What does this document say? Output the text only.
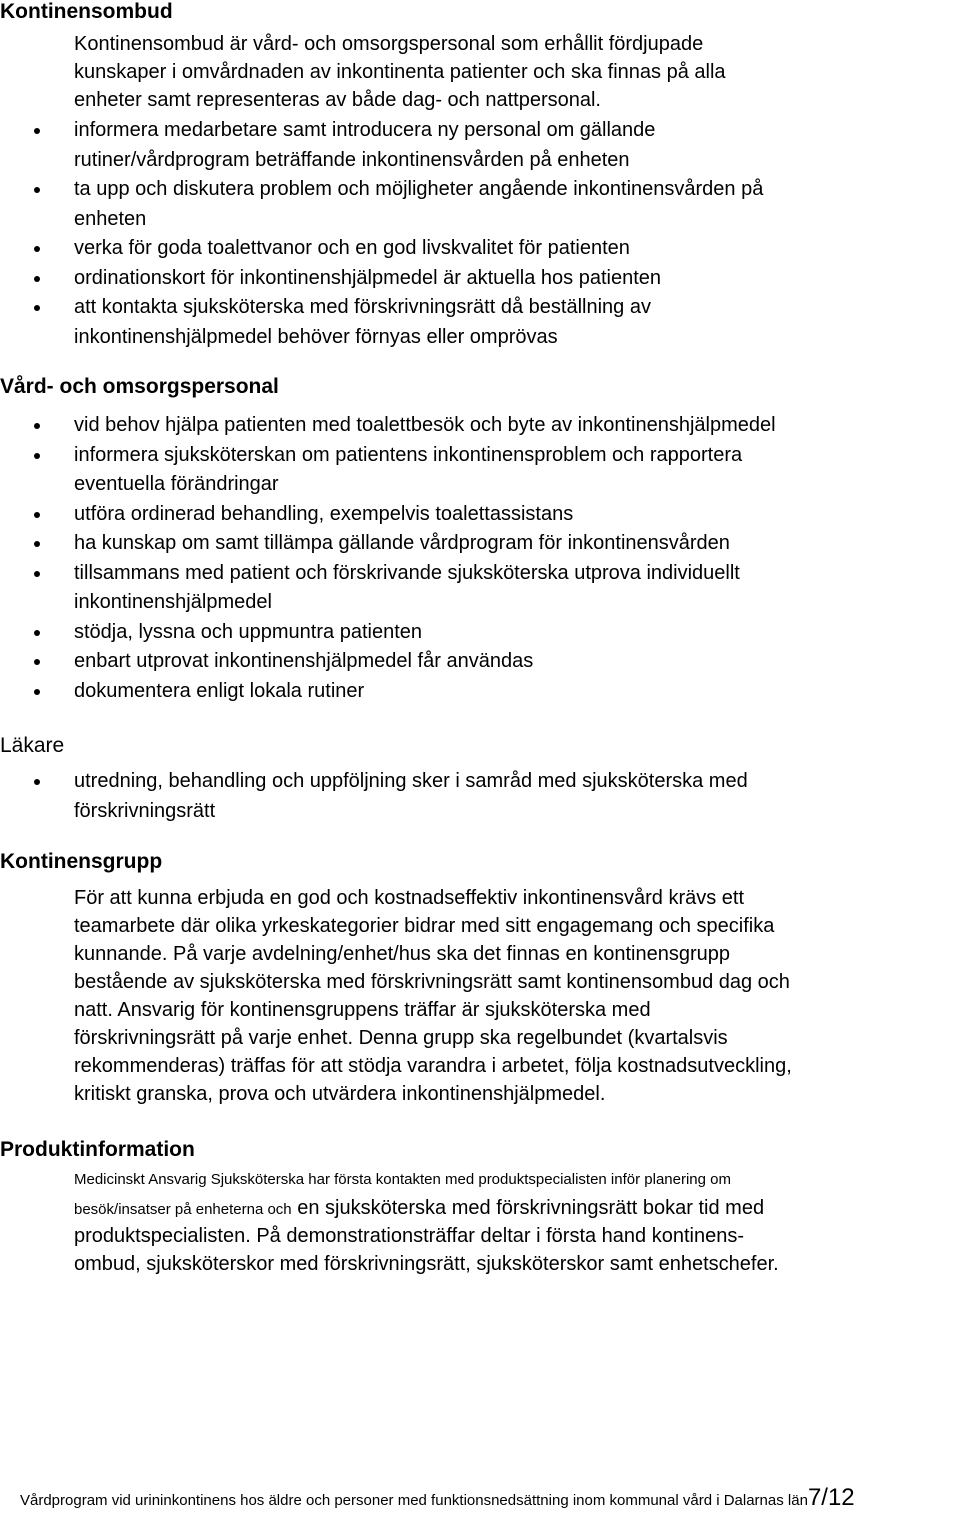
Kontinensombud

Kontinensombud är vård- och omsorgspersonal som erhållit fördjupade
kunskaper i omvårdnaden av inkontinenta patienter och ska finnas på alla
enheter samt representeras av både dag- och nattpersonal.

informera medarbetare samt introducera ny personal om gällande
rutiner/vårdprogram beträffande inkontinensvården på enheten
ta upp och diskutera problem och möjligheter angående inkontinensvården på
enheten
verka för goda toalettvanor och en god livskvalitet för patienten
ordinationskort för inkontinenshjälpmedel är aktuella hos patienten
att kontakta sjuksköterska med förskrivningsrätt då beställning av
inkontinenshjälpmedel behöver förnyas eller omprövas
Vård- och omsorgspersonal
vid behov hjälpa patienten med toalettbesök och byte av inkontinenshjälpmedel
informera sjuksköterskan om patientens inkontinensproblem och rapportera
eventuella förändringar
utföra ordinerad behandling, exempelvis toalettassistans
ha kunskap om samt tillämpa gällande vårdprogram för inkontinensvården
tillsammans med patient och förskrivande sjuksköterska utprova individuellt
inkontinenshjälpmedel
stödja, lyssna och uppmuntra patienten
enbart utprovat inkontinenshjälpmedel får användas
dokumentera enligt lokala rutiner
Läkare
utredning, behandling och uppföljning sker i samråd med sjuksköterska med
förskrivningsrätt
Kontinensgrupp

För att kunna erbjuda en god och kostnadseffektiv inkontinensvård krävs ett
teamarbete där olika yrkeskategorier bidrar med sitt engagemang och specifika
kunnande. På varje avdelning/enhet/hus ska det finnas en kontinensgrupp
bestående av sjuksköterska med förskrivningsrätt samt kontinensombud dag och
natt. Ansvarig för kontinensgruppens träffar är sjuksköterska med
förskrivningsrätt på varje enhet. Denna grupp ska regelbundet (kvartalsvis
rekommenderas) träffas för att stödja varandra i arbetet, följa kostnadsutveckling,
kritiskt granska, prova och utvärdera inkontinenshjälpmedel.

Produktinformation

Medicinskt Ansvarig Sjuksköterska har första kontakten med produktspecialisten inför planering om
besök/insatser på enheterna och en sjuksköterska med förskrivningsrätt bokar tid med
produktspecialisten. På demonstrationsträffar deltar i första hand kontinens-
ombud, sjuksköterskor med förskrivningsrätt, sjuksköterskor samt enhetschefer.

Vårdprogram vid urininkontinens hos äldre och personer med funktionsnedsättning inom kommunal vård i Dalarnas län7/12
